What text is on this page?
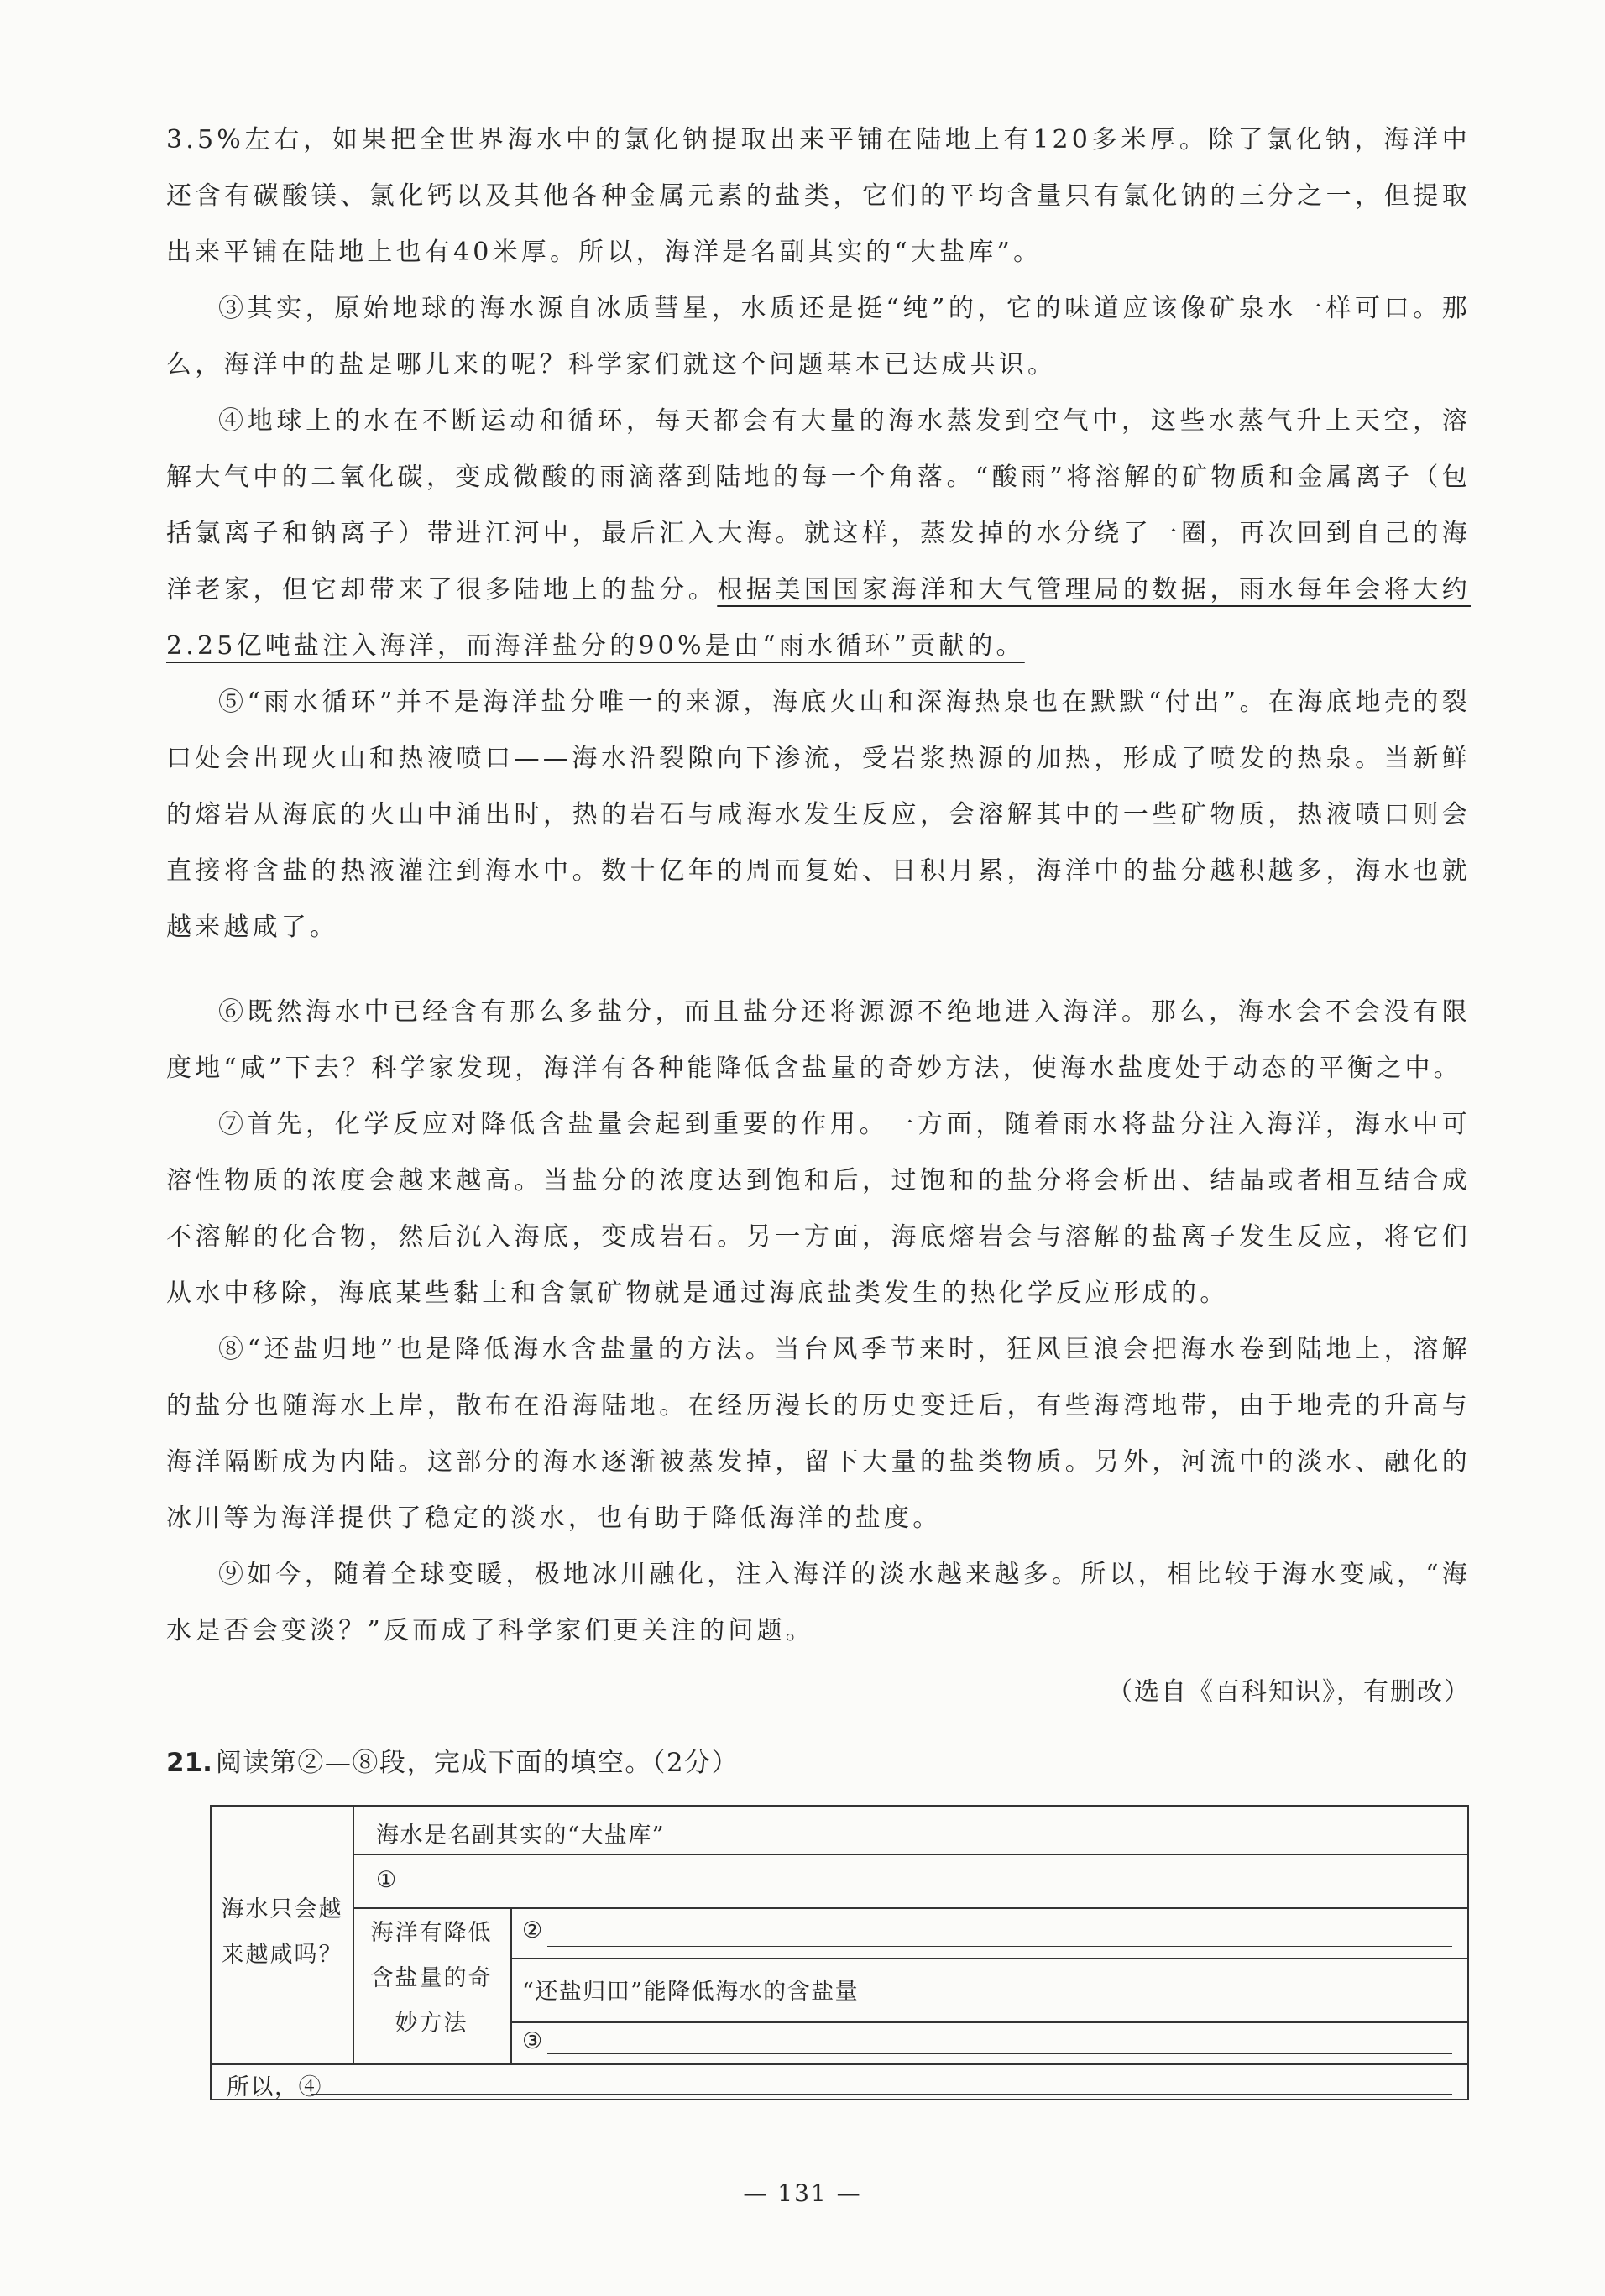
3.5%左右，如果把全世界海水中的氯化钠提取出来平铺在陆地上有120多米厚。除了氯化钠，海洋中还含有碳酸镁、氯化钙以及其他各种金属元素的盐类，它们的平均含量只有氯化钠的三分之一，但提取出来平铺在陆地上也有40米厚。所以，海洋是名副其实的“大盐库”。
③其实，原始地球的海水源自冰质彗星，水质还是挺“纯”的，它的味道应该像矿泉水一样可口。那么，海洋中的盐是哪儿来的呢？科学家们就这个问题基本已达成共识。
④地球上的水在不断运动和循环，每天都会有大量的海水蒸发到空气中，这些水蒸气升上天空，溶解大气中的二氧化碳，变成微酸的雨滴落到陆地的每一个角落。“酸雨”将溶解的矿物质和金属离子（包括氯离子和钠离子）带进江河中，最后汇入大海。就这样，蒸发掉的水分绕了一圈，再次回到自己的海洋老家，但它却带来了很多陆地上的盐分。根据美国国家海洋和大气管理局的数据，雨水每年会将大约2.25亿吨盐注入海洋，而海洋盐分的90%是由“雨水循环”贡献的。
⑤“雨水循环”并不是海洋盐分唯一的来源，海底火山和深海热泉也在默默“付出”。在海底地壳的裂口处会出现火山和热液喷口——海水沿裂隙向下渗流，受岩浆热源的加热，形成了喷发的热泉。当新鲜的熔岩从海底的火山中涌出时，热的岩石与咸海水发生反应，会溶解其中的一些矿物质，热液喷口则会直接将含盐的热液灌注到海水中。数十亿年的周而复始、日积月累，海洋中的盐分越积越多，海水也就越来越咸了。
⑥既然海水中已经含有那么多盐分，而且盐分还将源源不绝地进入海洋。那么，海水会不会没有限度地“咸”下去？科学家发现，海洋有各种能降低含盐量的奇妙方法，使海水盐度处于动态的平衡之中。
⑦首先，化学反应对降低含盐量会起到重要的作用。一方面，随着雨水将盐分注入海洋，海水中可溶性物质的浓度会越来越高。当盐分的浓度达到饱和后，过饱和的盐分将会析出、结晶或者相互结合成不溶解的化合物，然后沉入海底，变成岩石。另一方面，海底熔岩会与溶解的盐离子发生反应，将它们从水中移除，海底某些黏土和含氯矿物就是通过海底盐类发生的热化学反应形成的。
⑧“还盐归地”也是降低海水含盐量的方法。当台风季节来时，狂风巨浪会把海水卷到陆地上，溶解的盐分也随海水上岸，散布在沿海陆地。在经历漫长的历史变迁后，有些海湾地带，由于地壳的升高与海洋隔断成为内陆。这部分的海水逐渐被蒸发掉，留下大量的盐类物质。另外，河流中的淡水、融化的冰川等为海洋提供了稳定的淡水，也有助于降低海洋的盐度。
⑨如今，随着全球变暖，极地冰川融化，注入海洋的淡水越来越多。所以，相比较于海水变咸，“海水是否会变淡？”反而成了科学家们更关注的问题。
（选自《百科知识》，有删改）
21. 阅读第②—⑧段，完成下面的填空。（2分）
海水只会越
来越咸吗？
海水是名副其实的“大盐库”
①
海洋有降低
含盐量的奇
妙方法
②
“还盐归田”能降低海水的含盐量
③
所以，④
— 131 —
